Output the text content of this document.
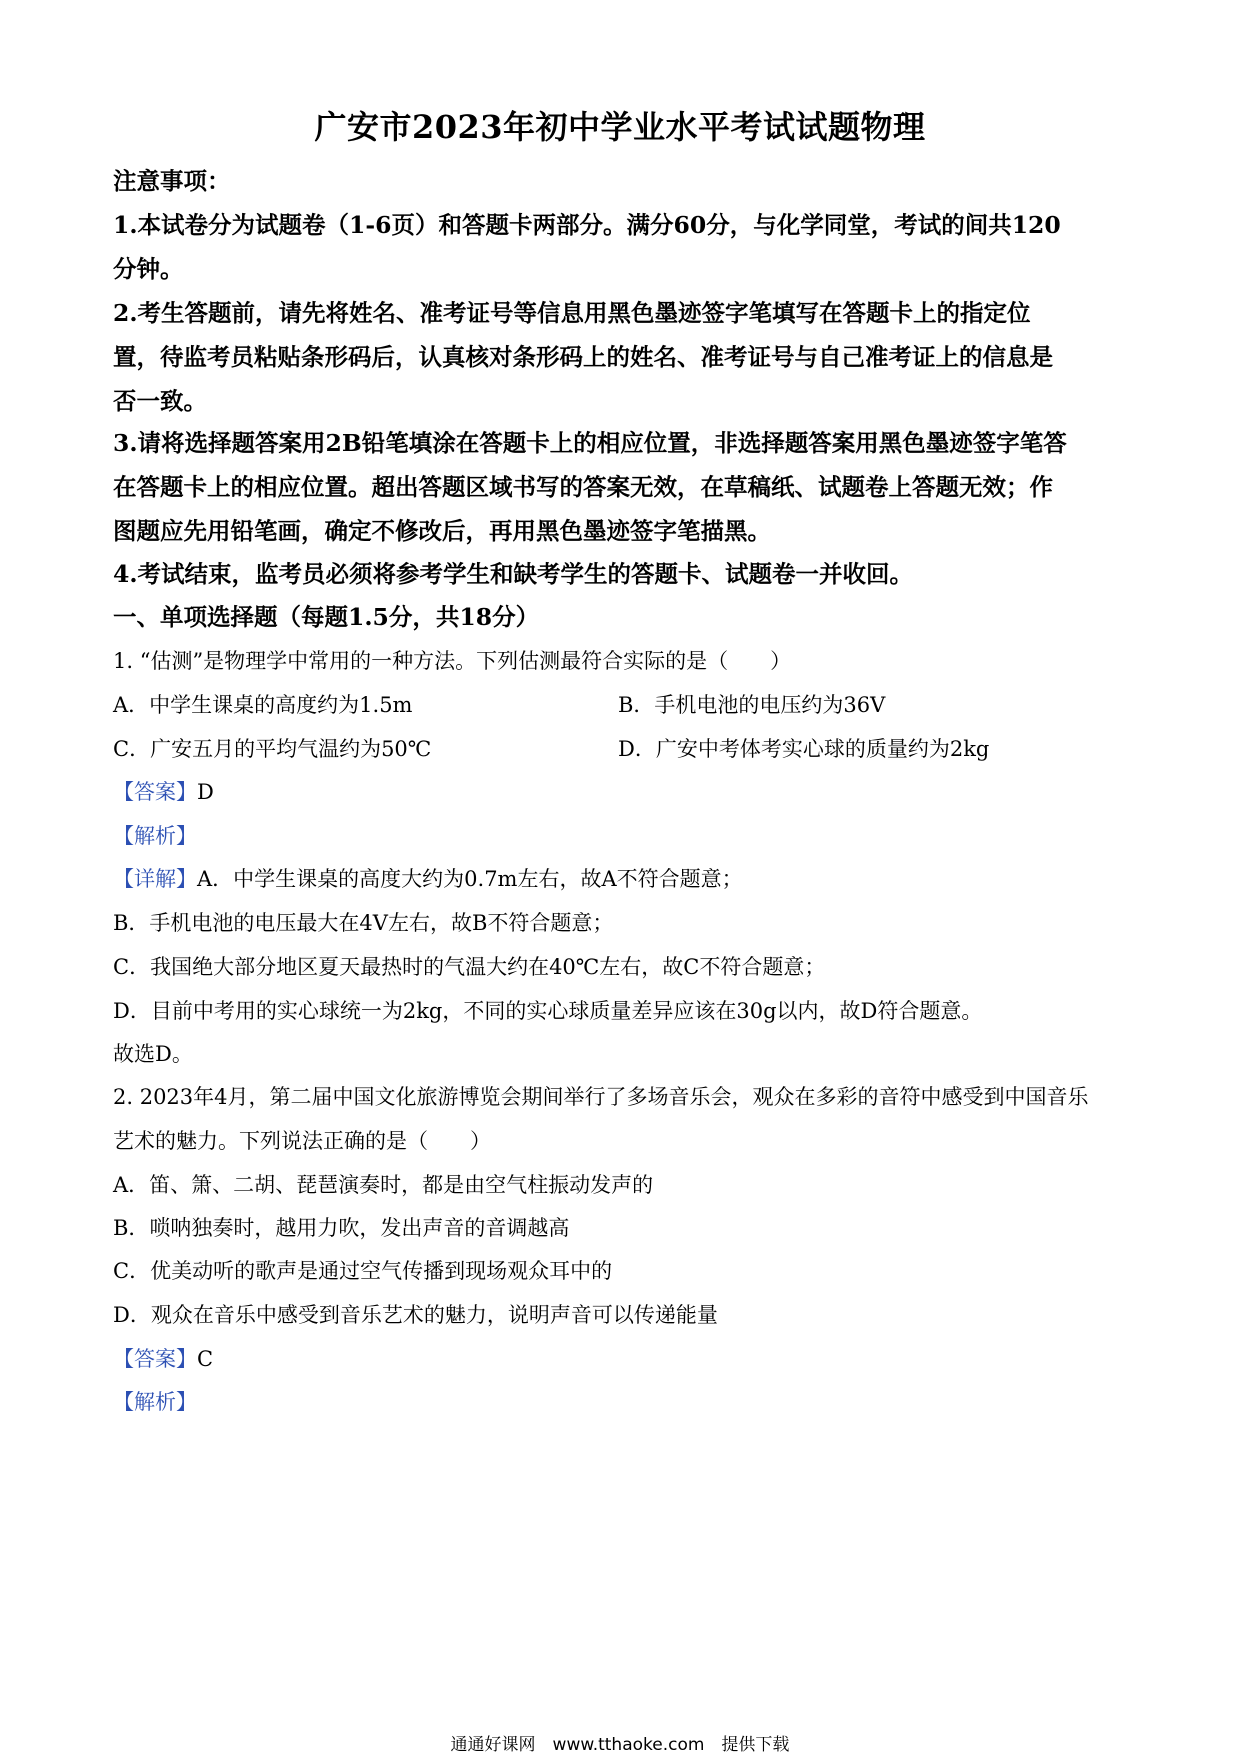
广安市2023年初中学业水平考试试题物理
注意事项：
1.本试卷分为试题卷（1-6页）和答题卡两部分。满分60分，与化学同堂，考试的间共120
分钟。
2.考生答题前，请先将姓名、准考证号等信息用黑色墨迹签字笔填写在答题卡上的指定位
置，待监考员粘贴条形码后，认真核对条形码上的姓名、准考证号与自己准考证上的信息是
否一致。
3.请将选择题答案用2B铅笔填涂在答题卡上的相应位置，非选择题答案用黑色墨迹签字笔答
在答题卡上的相应位置。超出答题区域书写的答案无效，在草稿纸、试题卷上答题无效；作
图题应先用铅笔画，确定不修改后，再用黑色墨迹签字笔描黑。
4.考试结束，监考员必须将参考学生和缺考学生的答题卡、试题卷一并收回。
一、单项选择题（每题1.5分，共18分）
1. “估测”是物理学中常用的一种方法。下列估测最符合实际的是（　　）
A．中学生课桌的高度约为1.5m	B．手机电池的电压约为36V
C．广安五月的平均气温约为50℃	D．广安中考体考实心球的质量约为2kg
【答案】D
【解析】
【详解】A．中学生课桌的高度大约为0.7m左右，故A不符合题意；
B．手机电池的电压最大在4V左右，故B不符合题意；
C．我国绝大部分地区夏天最热时的气温大约在40℃左右，故C不符合题意；
D．目前中考用的实心球统一为2kg，不同的实心球质量差异应该在30g以内，故D符合题意。
故选D。
2. 2023年4月，第二届中国文化旅游博览会期间举行了多场音乐会，观众在多彩的音符中感受到中国音乐
艺术的魅力。下列说法正确的是（　　）
A．笛、箫、二胡、琵琶演奏时，都是由空气柱振动发声的
B．唢呐独奏时，越用力吹，发出声音的音调越高
C．优美动听的歌声是通过空气传播到现场观众耳中的
D．观众在音乐中感受到音乐艺术的魅力，说明声音可以传递能量
【答案】C
【解析】
通通好课网　www.tthaoke.com　提供下载
